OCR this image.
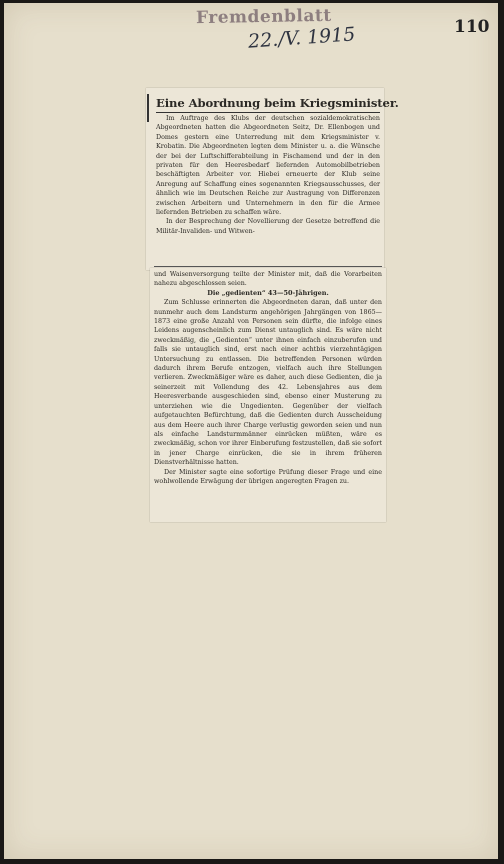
Fremdenblatt
22./V. 1915	110
Eine Abordnung beim Kriegsminister.

Im Auftrage des Klubs der deutschen sozialdemokratischen Abgeordneten hatten die Abgeordneten Seitz, Dr. Ellenbogen und Domes gestern eine Unterredung mit dem Kriegsminister v. Krobatin. Die Abgeordneten legten dem Minister u. a. die Wünsche der bei der Luftschifferabteilung in Fischamend und der in den privaten für den Heeresbedarf liefernden Automobilbetrieben beschäftigten Arbeiter vor. Hiebei erneuerte der Klub seine Anregung auf Schaffung eines sogenannten Kriegsausschusses, der ähnlich wie im Deutschen Reiche zur Austragung von Differenzen zwischen Arbeitern und Unternehmern in den für die Armee liefernden Betrieben zu schaffen wäre.

In der Besprechung der Novellierung der Gesetze betreffend die Militär-Invaliden- und Witwen-

und Waisenversorgung teilte der Minister mit, daß die Vorarbeiten nahezu abgeschlossen seien.

Die „gedienten“ 43—50-Jährigen.

Zum Schlusse erinnerten die Abgeordneten daran, daß unter den nunmehr auch dem Landsturm angehörigen Jahrgängen von 1865—1873 eine große Anzahl von Personen sein dürfte, die infolge eines Leidens augenscheinlich zum Dienst untauglich sind. Es wäre nicht zweckmäßig, die „Gedienten“ unter ihnen einfach einzuberufen und falls sie untauglich sind, erst nach einer achtbis vierzehntägigen Untersuchung zu entlassen. Die betreffenden Personen würden dadurch ihrem Berufe entzogen, vielfach auch ihre Stellungen verlieren. Zweckmäßiger wäre es daher, auch diese Gedienten, die ja seinerzeit mit Vollendung des 42. Lebensjahres aus dem Heeresverbande ausgeschieden sind, ebenso einer Musterung zu unterziehen wie die Ungedienten. Gegenüber der vielfach aufgetauchten Befürchtung, daß die Gedienten durch Ausscheidung aus dem Heere auch ihrer Charge verlustig geworden seien und nun als einfache Landsturmmänner einrücken müßten, wäre es zweckmäßig, schon vor ihrer Einberufung festzustellen, daß sie sofort in jener Charge einrücken, die sie in ihrem früheren Dienstverhältnisse hatten.

Der Minister sagte eine sofortige Prüfung dieser Frage und eine wohlwollende Erwägung der übrigen angeregten Fragen zu.
